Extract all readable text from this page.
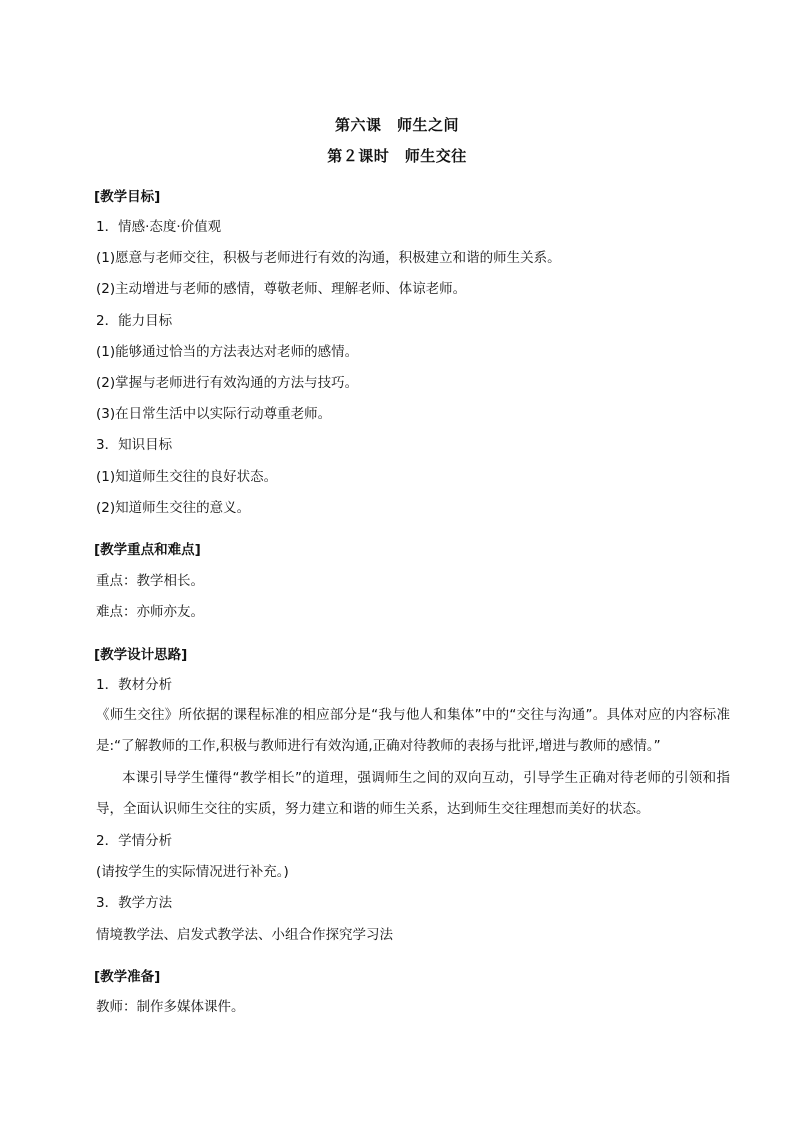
第六课　师生之间
第２课时　师生交往
[教学目标]
1．情感·态度·价值观
(1)愿意与老师交往，积极与老师进行有效的沟通，积极建立和谐的师生关系。
(2)主动增进与老师的感情，尊敬老师、理解老师、体谅老师。
2．能力目标
(1)能够通过恰当的方法表达对老师的感情。
(2)掌握与老师进行有效沟通的方法与技巧。
(3)在日常生活中以实际行动尊重老师。
3．知识目标
(1)知道师生交往的良好状态。
(2)知道师生交往的意义。
[教学重点和难点]
重点：教学相长。
难点：亦师亦友。
[教学设计思路]
1．教材分析
《师生交往》所依据的课程标准的相应部分是“我与他人和集体”中的“交往与沟通”。具体对应的内容标准是:“了解教师的工作,积极与教师进行有效沟通,正确对待教师的表扬与批评,增进与教师的感情。”
本课引导学生懂得“教学相长”的道理，强调师生之间的双向互动，引导学生正确对待老师的引领和指导，全面认识师生交往的实质，努力建立和谐的师生关系，达到师生交往理想而美好的状态。
2．学情分析
(请按学生的实际情况进行补充。)
3．教学方法
情境教学法、启发式教学法、小组合作探究学习法
[教学准备]
教师：制作多媒体课件。
